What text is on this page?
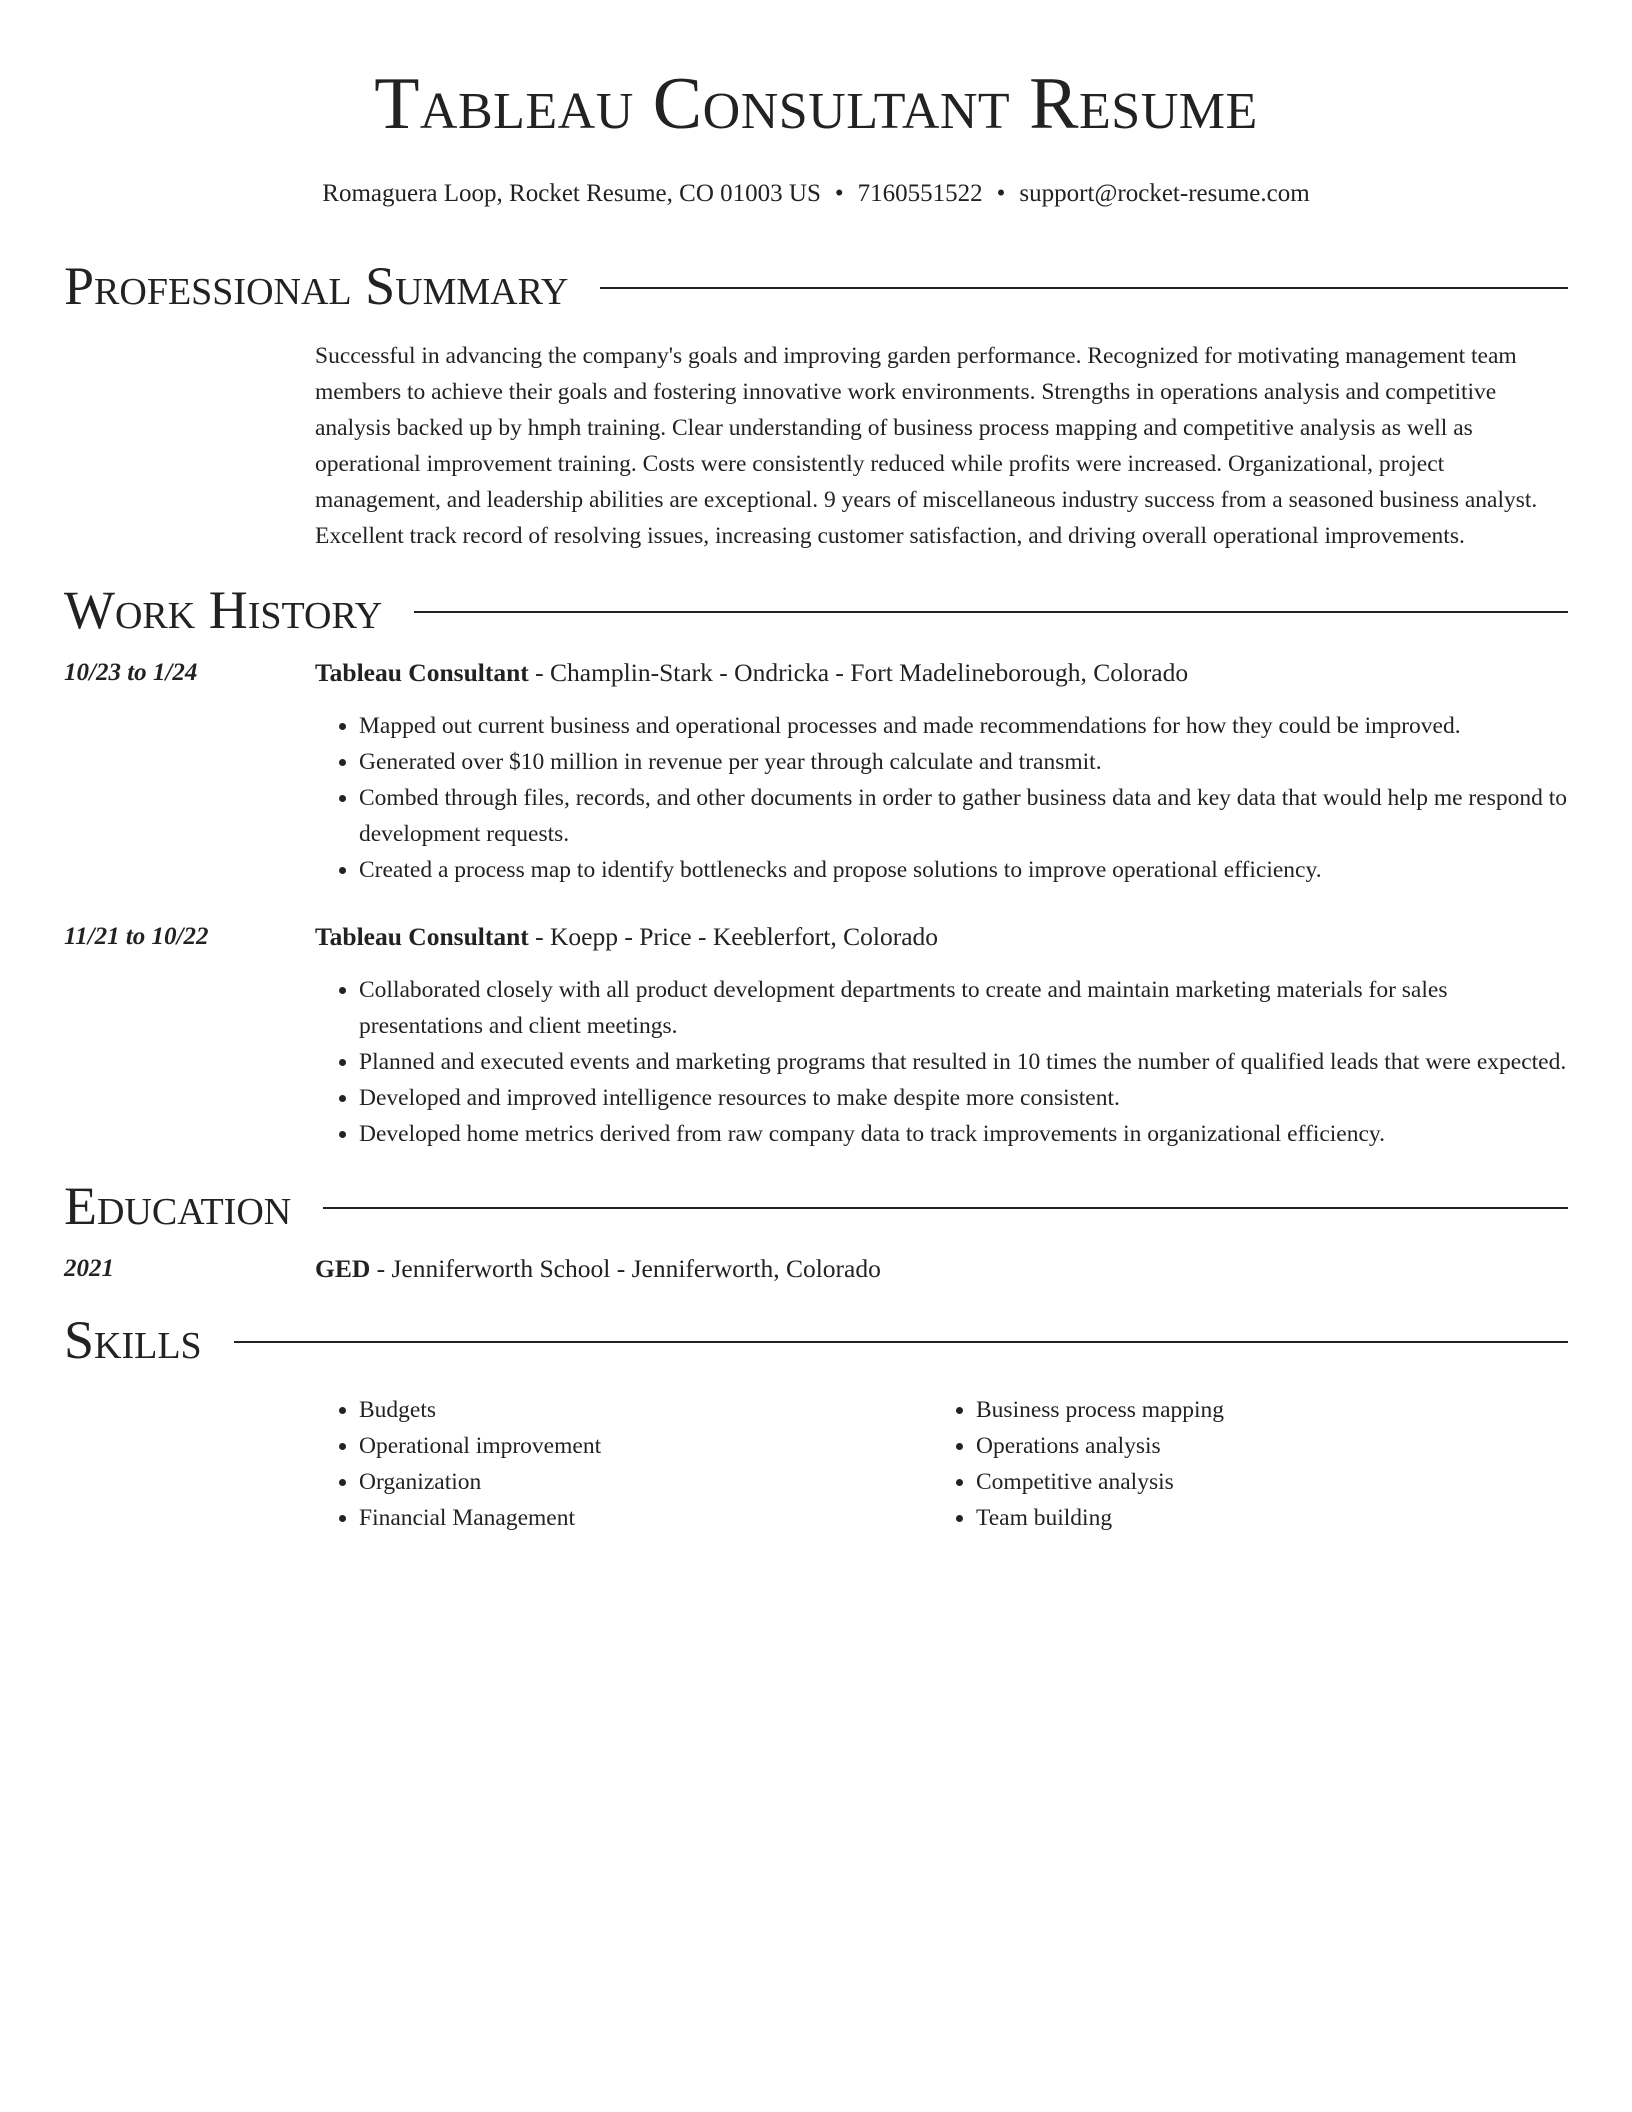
Tableau Consultant Resume
Romaguera Loop, Rocket Resume, CO 01003 US • 7160551522 • support@rocket-resume.com
Professional Summary

Successful in advancing the company's goals and improving garden performance. Recognized for motivating management team members to achieve their goals and fostering innovative work environments. Strengths in operations analysis and competitive analysis backed up by hmph training. Clear understanding of business process mapping and competitive analysis as well as operational improvement training. Costs were consistently reduced while profits were increased. Organizational, project management, and leadership abilities are exceptional. 9 years of miscellaneous industry success from a seasoned business analyst. Excellent track record of resolving issues, increasing customer satisfaction, and driving overall operational improvements.

Work History
10/23 to 1/24	Tableau Consultant - Champlin-Stark - Ondricka - Fort Madelineborough, Colorado
• Mapped out current business and operational processes and made recommendations for how they could be improved.
• Generated over $10 million in revenue per year through calculate and transmit.
• Combed through files, records, and other documents in order to gather business data and key data that would help me respond to development requests.
• Created a process map to identify bottlenecks and propose solutions to improve operational efficiency.
11/21 to 10/22	Tableau Consultant - Koepp - Price - Keeblerfort, Colorado
• Collaborated closely with all product development departments to create and maintain marketing materials for sales presentations and client meetings.
• Planned and executed events and marketing programs that resulted in 10 times the number of qualified leads that were expected.
• Developed and improved intelligence resources to make despite more consistent.
• Developed home metrics derived from raw company data to track improvements in organizational efficiency.
Education
2021	GED - Jenniferworth School - Jenniferworth, Colorado
Skills
• Budgets
• Operational improvement
• Organization
• Financial Management
• Business process mapping
• Operations analysis
• Competitive analysis
• Team building
